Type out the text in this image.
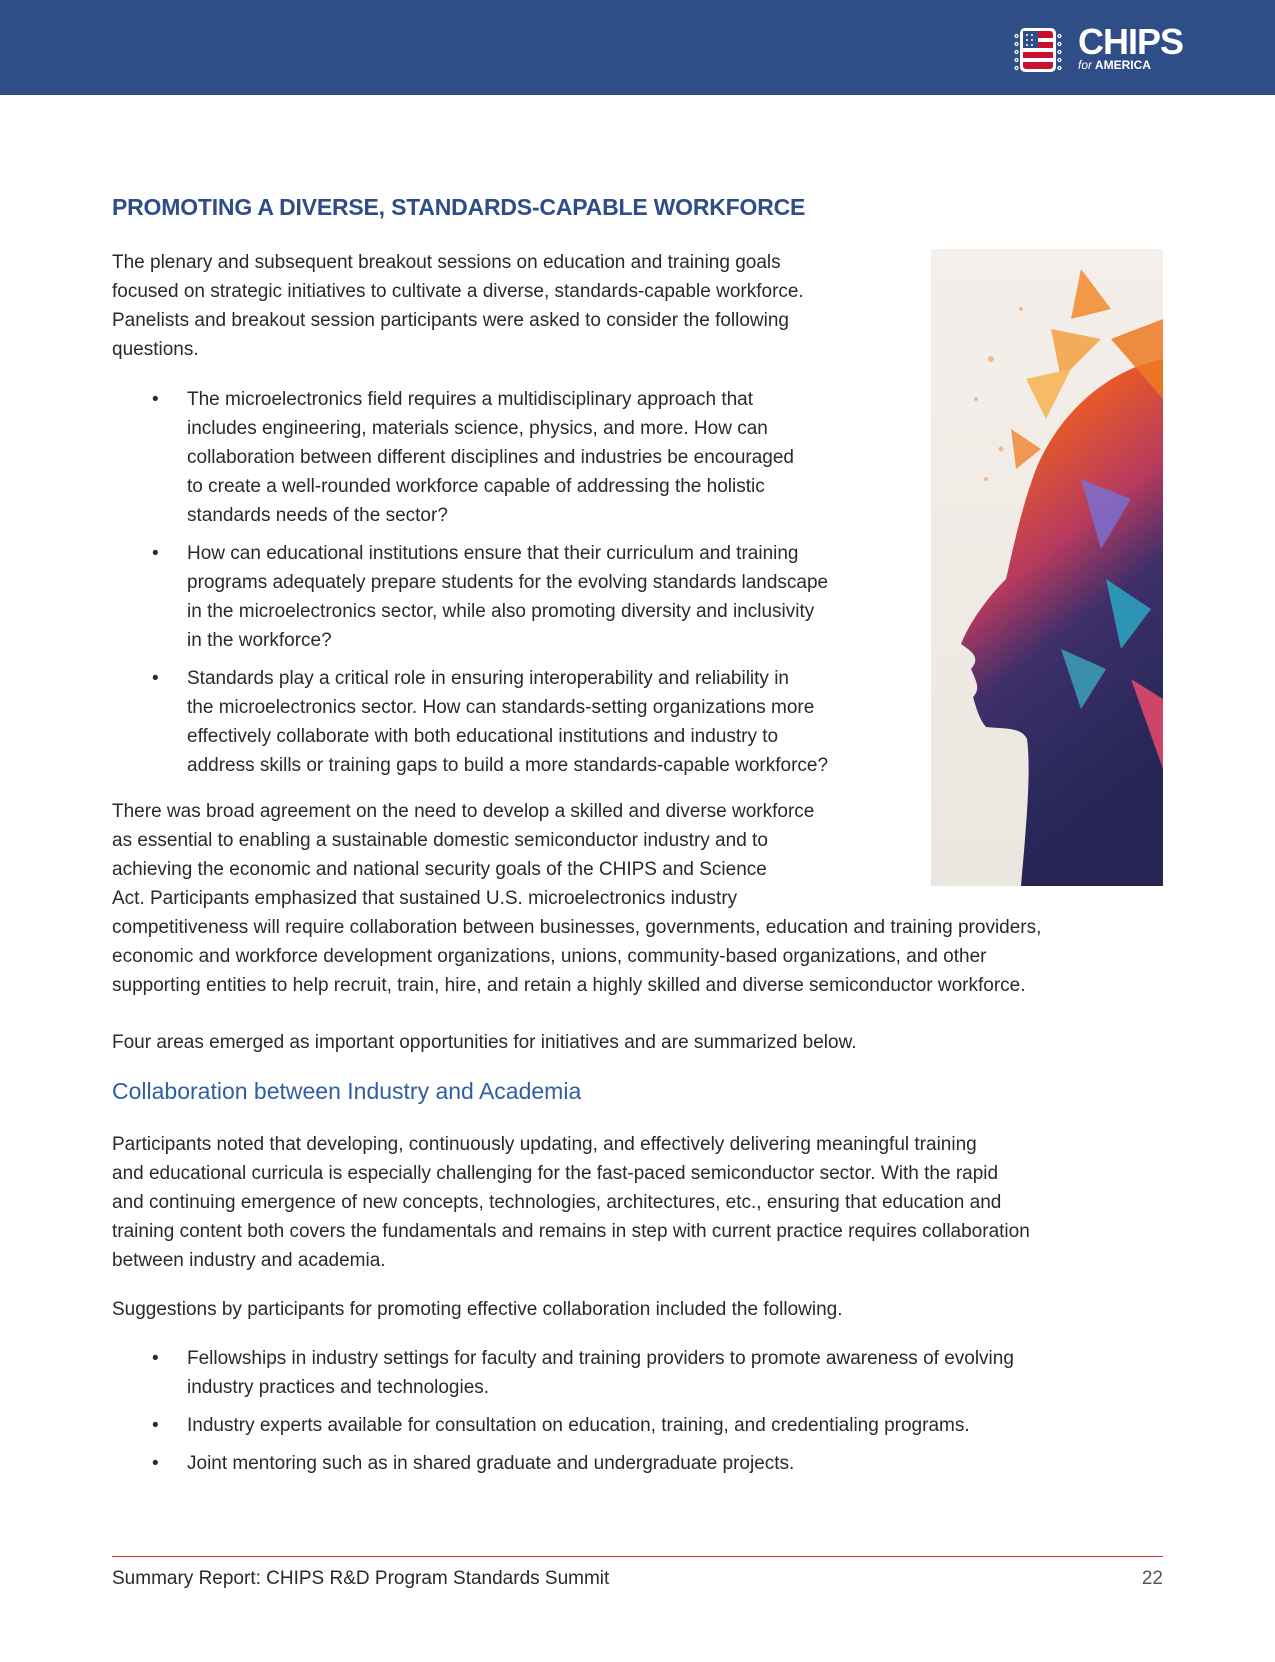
CHIPS
for AMERICA
PROMOTING A DIVERSE, STANDARDS-CAPABLE WORKFORCE
The plenary and subsequent breakout sessions on education and training goals
focused on strategic initiatives to cultivate a diverse, standards-capable workforce.
Panelists and breakout session participants were asked to consider the following
questions.
• The microelectronics field requires a multidisciplinary approach that
includes engineering, materials science, physics, and more. How can
collaboration between different disciplines and industries be encouraged
to create a well-rounded workforce capable of addressing the holistic
standards needs of the sector?
• How can educational institutions ensure that their curriculum and training
programs adequately prepare students for the evolving standards landscape
in the microelectronics sector, while also promoting diversity and inclusivity
in the workforce?
• Standards play a critical role in ensuring interoperability and reliability in
the microelectronics sector. How can standards-setting organizations more
effectively collaborate with both educational institutions and industry to
address skills or training gaps to build a more standards-capable workforce?
There was broad agreement on the need to develop a skilled and diverse workforce
as essential to enabling a sustainable domestic semiconductor industry and to
achieving the economic and national security goals of the CHIPS and Science
Act. Participants emphasized that sustained U.S. microelectronics industry
competitiveness will require collaboration between businesses, governments, education and training providers,
economic and workforce development organizations, unions, community-based organizations, and other
supporting entities to help recruit, train, hire, and retain a highly skilled and diverse semiconductor workforce.
Four areas emerged as important opportunities for initiatives and are summarized below.
Collaboration between Industry and Academia
Participants noted that developing, continuously updating, and effectively delivering meaningful training
and educational curricula is especially challenging for the fast-paced semiconductor sector. With the rapid
and continuing emergence of new concepts, technologies, architectures, etc., ensuring that education and
training content both covers the fundamentals and remains in step with current practice requires collaboration
between industry and academia.
Suggestions by participants for promoting effective collaboration included the following.
• Fellowships in industry settings for faculty and training providers to promote awareness of evolving
industry practices and technologies.
• Industry experts available for consultation on education, training, and credentialing programs.
• Joint mentoring such as in shared graduate and undergraduate projects.
Summary Report: CHIPS R&D Program Standards Summit	22
